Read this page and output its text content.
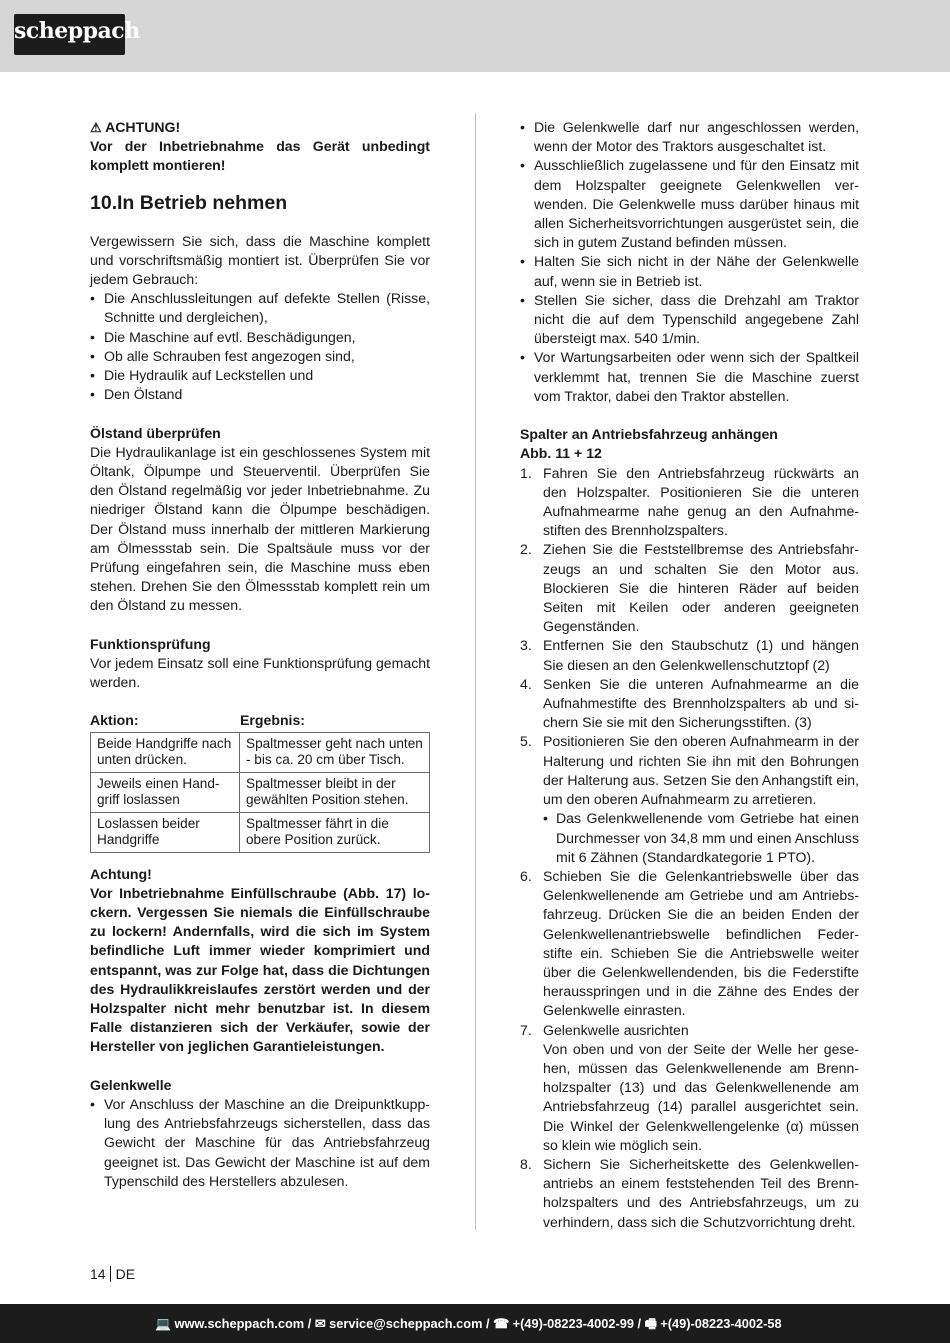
scheppach

⚠ ACHTUNG!

Vor der Inbetriebnahme das Gerät unbedingt komplett montieren!

10.In Betrieb nehmen

Vergewissern Sie sich, dass die Maschine komplett und vorschriftsmäßig montiert ist. Überprüfen Sie vor jedem Gebrauch:

• Die Anschlussleitungen auf defekte Stellen (Risse, Schnitte und dergleichen),
• Die Maschine auf evtl. Beschädigungen,
• Ob alle Schrauben fest angezogen sind,
• Die Hydraulik auf Leckstellen und
• Den Ölstand

Ölstand überprüfen

Die Hydraulikanlage ist ein geschlossenes System mit Öltank, Ölpumpe und Steuerventil. Überprüfen Sie den Ölstand regelmäßig vor jeder Inbetriebnahme. Zu niedriger Ölstand kann die Ölpumpe beschädigen. Der Ölstand muss innerhalb der mittleren Markierung am Ölmessstab sein. Die Spaltsäule muss vor der Prüfung eingefahren sein, die Maschine muss eben stehen. Drehen Sie den Ölmessstab komplett rein um den Ölstand zu messen.

Funktionsprüfung

Vor jedem Einsatz soll eine Funktionsprüfung gemacht werden.

Aktion:	Ergebnis:
Beide Handgriffe nach unten drücken.	Spaltmesser geht nach unten - bis ca. 20 cm über Tisch.
Jeweils einen Handgriff loslassen	Spaltmesser bleibt in der gewählten Position stehen.
Loslassen beider Handgriffe	Spaltmesser fährt in die obere Position zurück.

Achtung!

Vor Inbetriebnahme Einfüllschraube (Abb. 17) lockern. Vergessen Sie niemals die Einfüllschraube zu lockern! Andernfalls, wird die sich im System befindliche Luft immer wieder komprimiert und entspannt, was zur Folge hat, dass die Dichtungen des Hydraulikkreislaufes zerstört werden und der Holzspalter nicht mehr benutzbar ist. In diesem Falle distanzieren sich der Verkäufer, sowie der Hersteller von jeglichen Garantieleistungen.

Gelenkwelle

• Vor Anschluss der Maschine an die Dreipunktkupplung des Antriebsfahrzeugs sicherstellen, dass das Gewicht der Maschine für das Antriebsfahrzeug geeignet ist. Das Gewicht der Maschine ist auf dem Typenschild des Herstellers abzulesen.
• Die Gelenkwelle darf nur angeschlossen werden, wenn der Motor des Traktors ausgeschaltet ist.
• Ausschließlich zugelassene und für den Einsatz mit dem Holzspalter geeignete Gelenkwellen verwenden. Die Gelenkwelle muss darüber hinaus mit allen Sicherheitsvorrichtungen ausgerüstet sein, die sich in gutem Zustand befinden müssen.
• Halten Sie sich nicht in der Nähe der Gelenkwelle auf, wenn sie in Betrieb ist.
• Stellen Sie sicher, dass die Drehzahl am Traktor nicht die auf dem Typenschild angegebene Zahl übersteigt max. 540 1/min.
• Vor Wartungsarbeiten oder wenn sich der Spaltkeil verklemmt hat, trennen Sie die Maschine zuerst vom Traktor, dabei den Traktor abstellen.

Spalter an Antriebsfahrzeug anhängen

Abb. 11 + 12

1. Fahren Sie den Antriebsfahrzeug rückwärts an den Holzspalter. Positionieren Sie die unteren Aufnahmearme nahe genug an den Aufnahmestiften des Brennholzspalters.
2. Ziehen Sie die Feststellbremse des Antriebsfahrzeugs an und schalten Sie den Motor aus. Blockieren Sie die hinteren Räder auf beiden Seiten mit Keilen oder anderen geeigneten Gegenständen.
3. Entfernen Sie den Staubschutz (1) und hängen Sie diesen an den Gelenkwellenschutztopf (2)
4. Senken Sie die unteren Aufnahmearme an die Aufnahmestifte des Brennholzspalters ab und sichern Sie sie mit den Sicherungsstiften. (3)
5. Positionieren Sie den oberen Aufnahmearm in der Halterung und richten Sie ihn mit den Bohrungen der Halterung aus. Setzen Sie den Anhangstift ein, um den oberen Aufnahmearm zu arretieren.
• Das Gelenkwellenende vom Getriebe hat einen Durchmesser von 34,8 mm und einen Anschluss mit 6 Zähnen (Standardkategorie 1 PTO).
6. Schieben Sie die Gelenkantriebswelle über das Gelenkwellenende am Getriebe und am Antriebsfahrzeug. Drücken Sie die an beiden Enden der Gelenkwellenantriebswelle befindlichen Federstifte ein. Schieben Sie die Antriebswelle weiter über die Gelenkwellendenden, bis die Federstifte herausspringen und in die Zähne des Endes der Gelenkwelle einrasten.
7. Gelenkwelle ausrichten
Von oben und von der Seite der Welle her gesehen, müssen das Gelenkwellenende am Brennholzspalter (13) und das Gelenkwellenende am Antriebsfahrzeug (14) parallel ausgerichtet sein. Die Winkel der Gelenkwellengelenke (α) müssen so klein wie möglich sein.
8. Sichern Sie Sicherheitskette des Gelenkwellenantriebs an einem feststehenden Teil des Brennholzspalters und des Antriebsfahrzeugs, um zu verhindern, dass sich die Schutzvorrichtung dreht.
14 DE
💻 www.scheppach.com / ✉ service@scheppach.com / ☎ +(49)-08223-4002-99 / 🖷 +(49)-08223-4002-58
